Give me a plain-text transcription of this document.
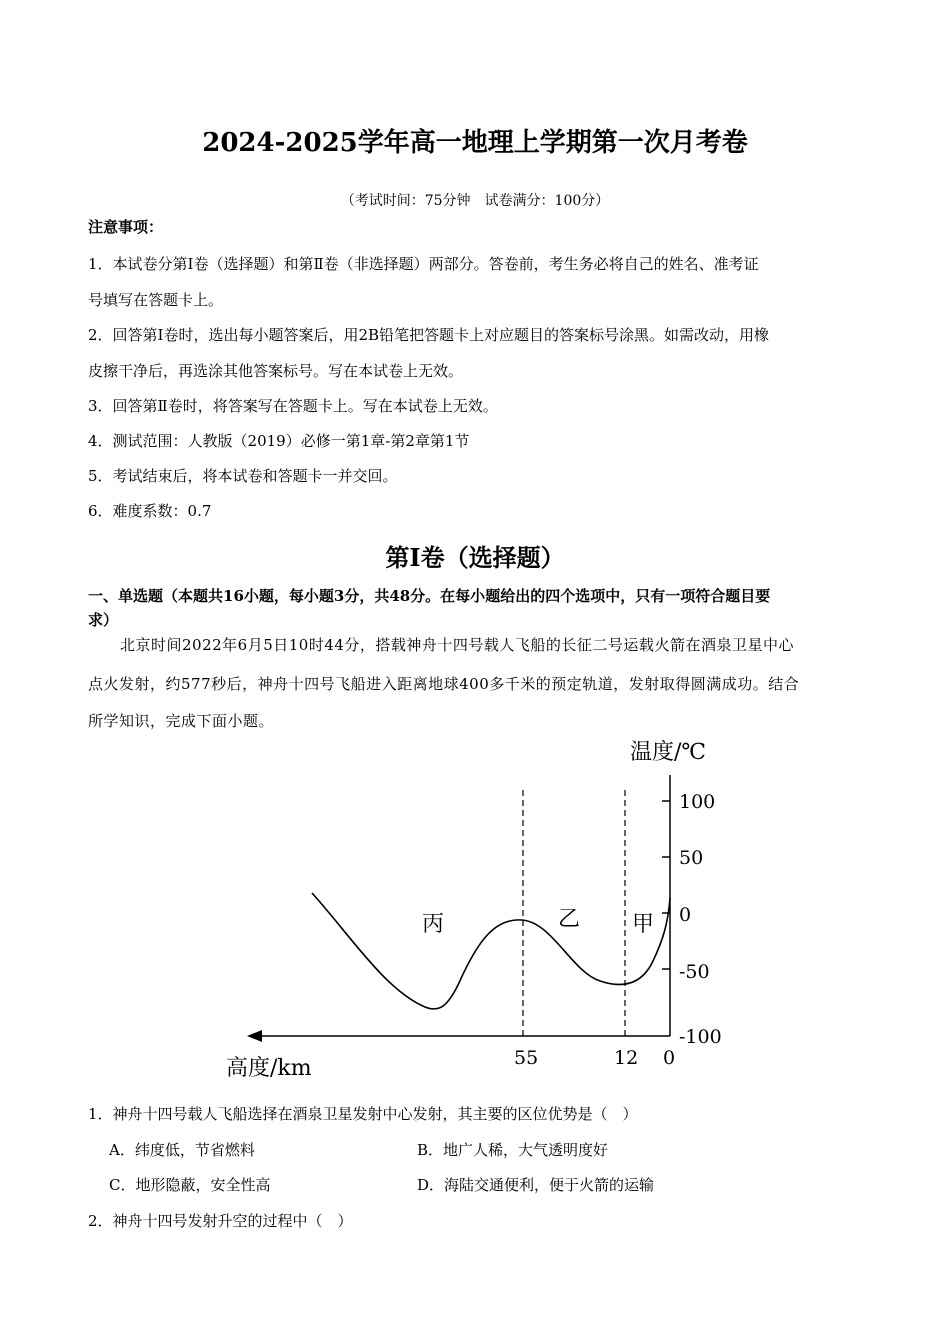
2024-2025学年高一地理上学期第一次月考卷
（考试时间：75分钟　试卷满分：100分）
注意事项：
1．本试卷分第Ⅰ卷（选择题）和第Ⅱ卷（非选择题）两部分。答卷前，考生务必将自己的姓名、准考证
号填写在答题卡上。
2．回答第Ⅰ卷时，选出每小题答案后，用2B铅笔把答题卡上对应题目的答案标号涂黑。如需改动，用橡
皮擦干净后，再选涂其他答案标号。写在本试卷上无效。
3．回答第Ⅱ卷时，将答案写在答题卡上。写在本试卷上无效。
4．测试范围：人教版（2019）必修一第1章-第2章第1节
5．考试结束后，将本试卷和答题卡一并交回。
6．难度系数：0.7
第Ⅰ卷（选择题）
一、单选题（本题共16小题，每小题3分，共48分。在每小题给出的四个选项中，只有一项符合题目要
求）
北京时间2022年6月5日10时44分，搭载神舟十四号载人飞船的长征二号运载火箭在酒泉卫星中心
点火发射，约577秒后，神舟十四号飞船进入距离地球400多千米的预定轨道，发射取得圆满成功。结合
所学知识，完成下面小题。
温度/℃
100
50
0
-50
-100
55	12 0
高度/km
丙	乙 甲
1．神舟十四号载人飞船选择在酒泉卫星发射中心发射，其主要的区位优势是（　）
A．纬度低，节省燃料	B．地广人稀，大气透明度好
C．地形隐蔽，安全性高	D．海陆交通便利，便于火箭的运输
2．神舟十四号发射升空的过程中（　）
